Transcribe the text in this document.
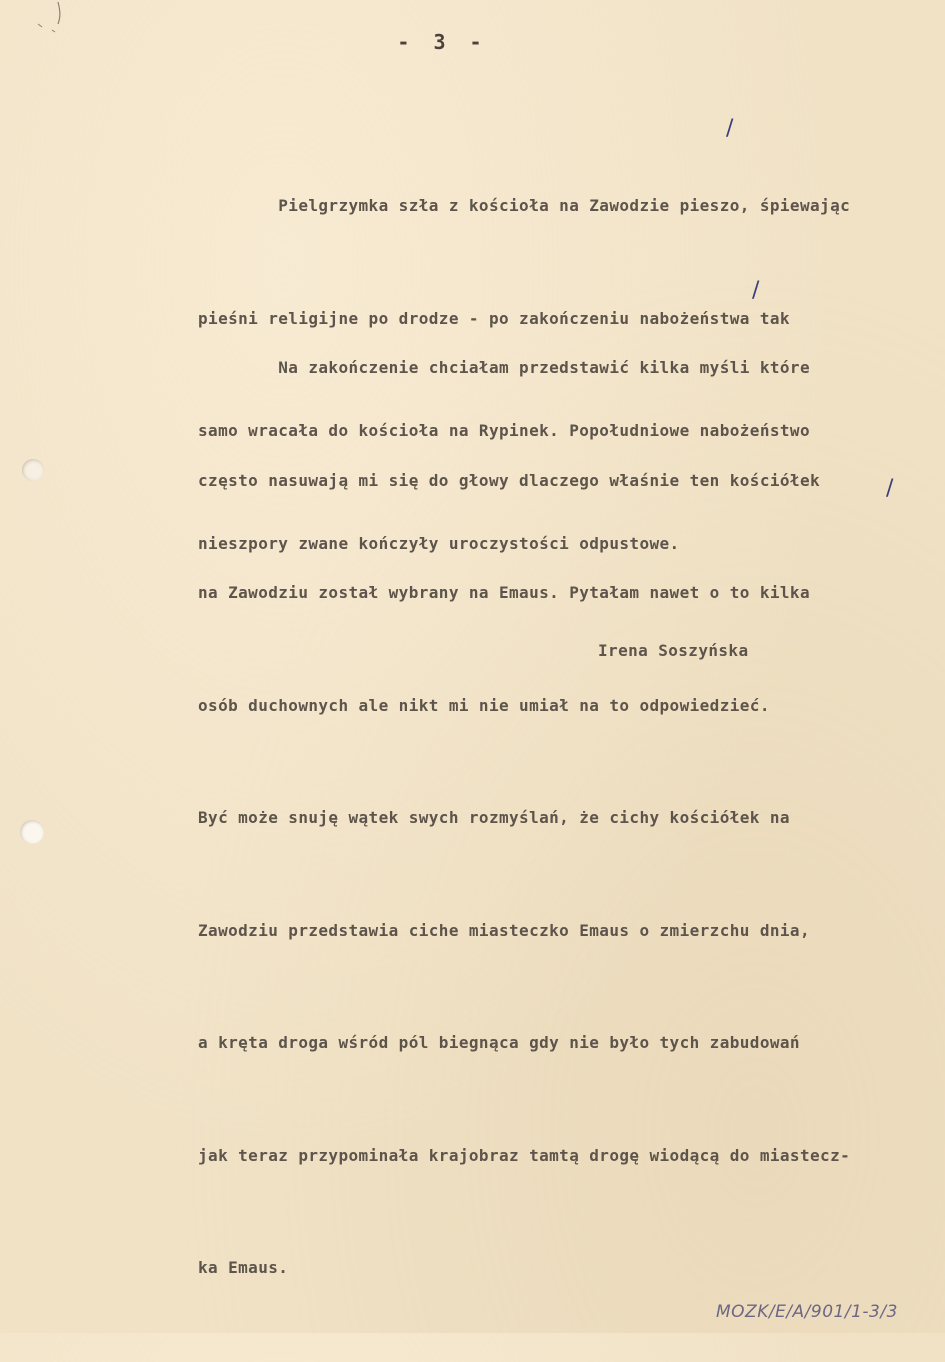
- 3 -

Pielgrzymka szła z kościoła na Zawodzie pieszo, śpiewając

pieśni religijne po drodze - po zakończeniu nabożeństwa tak

samo wracała do kościoła na Rypinek. Popołudniowe nabożeństwo

nieszpory zwane kończyły uroczystości odpustowe.

Na zakończenie chciałam przedstawić kilka myśli które

często nasuwają mi się do głowy dlaczego właśnie ten kościółek

na Zawodziu został wybrany na Emaus. Pytałam nawet o to kilka

osób duchownych ale nikt mi nie umiał na to odpowiedzieć.

Być może snuję wątek swych rozmyślań, że cichy kościółek na

Zawodziu przedstawia ciche miasteczko Emaus o zmierzchu dnia,

a kręta droga wśród pól biegnąca gdy nie było tych zabudowań

jak teraz przypominała krajobraz tamtą drogę wiodącą do miastecz-

ka Emaus.

/
/
/
Irena Soszyńska
MOZK/E/A/901/1-3/3
